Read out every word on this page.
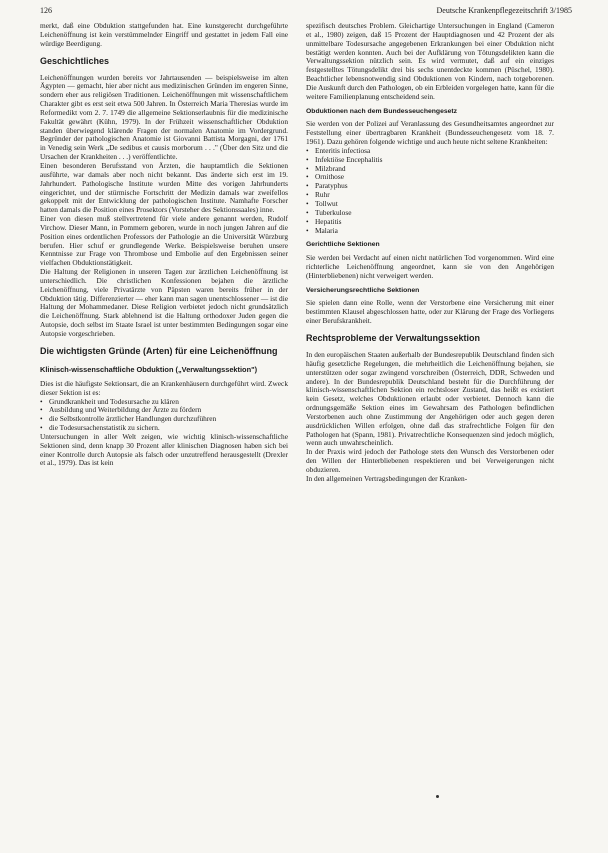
126	Deutsche Krankenpflegezeitschrift 3/1985

merkt, daß eine Obduktion stattgefunden hat. Eine kunstgerecht durchgeführte Leichenöffnung ist kein verstümmelnder Eingriff und gestattet in jedem Fall eine würdige Beerdigung.

Geschichtliches

Leichenöffnungen wurden bereits vor Jahrtausenden — beispielsweise im alten Ägypten — gemacht, hier aber nicht aus medizinischen Gründen im engeren Sinne, sondern eher aus religiösen Traditionen. Leichenöffnungen mit wissenschaftlichem Charakter gibt es erst seit etwa 500 Jahren. In Österreich Maria Theresias wurde im Reformedikt vom 2. 7. 1749 die allgemeine Sektionserlaubnis für die medizinische Fakultät gewährt (Kühn, 1979). In der Frühzeit wissenschaftlicher Obduktion standen überwiegend klärende Fragen der normalen Anatomie im Vordergrund. Begründer der pathologischen Anatomie ist Giovanni Battista Morgagni, der 1761 in Venedig sein Werk „De sedibus et causis morborum . . ." (Über den Sitz und die Ursachen der Krankheiten . . .) veröffentlichte.

Einen besonderen Berufsstand von Ärzten, die hauptamtlich die Sektionen ausführte, war damals aber noch nicht bekannt. Das änderte sich erst im 19. Jahrhundert. Pathologische Institute wurden Mitte des vorigen Jahrhunderts eingerichtet, und der stürmische Fortschritt der Medizin damals war zweifellos gekoppelt mit der Entwicklung der pathologischen Institute. Namhafte Forscher hatten damals die Position eines Prosektors (Vorsteher des Sektionssaales) inne.

Einer von diesen muß stellvertretend für viele andere genannt werden, Rudolf Virchow. Dieser Mann, in Pommern geboren, wurde in noch jungen Jahren auf die Position eines ordentlichen Professors der Pathologie an die Universität Würzburg berufen. Hier schuf er grundlegende Werke. Beispielsweise beruhen unsere Kenntnisse zur Frage von Thrombose und Embolie auf den Ergebnissen seiner vielfachen Obduktionstätigkeit.

Die Haltung der Religionen in unseren Tagen zur ärztlichen Leichenöffnung ist unterschiedlich. Die christlichen Konfessionen bejahen die ärztliche Leichenöffnung, viele Privatärzte von Päpsten waren bereits früher in der Obduktion tätig. Differenzierter — eher kann man sagen unentschlossener — ist die Haltung der Mohammedaner. Diese Religion verbietet jedoch nicht grundsätzlich die Leichenöffnung. Stark ablehnend ist die Haltung orthodoxer Juden gegen die Autopsie, doch selbst im Staate Israel ist unter bestimmten Bedingungen sogar eine Autopsie vorgeschrieben.

Die wichtigsten Gründe (Arten) für eine Leichenöffnung
Klinisch-wissenschaftliche Obduktion („Verwaltungssektion")

Dies ist die häufigste Sektionsart, die an Krankenhäusern durchgeführt wird. Zweck dieser Sektion ist es:

• Grundkrankheit und Todesursache zu klären
• Ausbildung und Weiterbildung der Ärzte zu fördern
• die Selbstkontrolle ärztlicher Handlungen durchzuführen
• die Todesursachenstatistik zu sichern.

Untersuchungen in aller Welt zeigen, wie wichtig klinisch-wissenschaftliche Sektionen sind, denn knapp 30 Prozent aller klinischen Diagnosen haben sich bei einer Kontrolle durch Autopsie als falsch oder unzutreffend herausgestellt (Drexler et al., 1979). Das ist kein

spezifisch deutsches Problem. Gleichartige Untersuchungen in England (Cameron et al., 1980) zeigen, daß 15 Prozent der Hauptdiagnosen und 42 Prozent der als unmittelbare Todesursache angegebenen Erkrankungen bei einer Obduktion nicht bestätigt werden konnten. Auch bei der Aufklärung von Tötungsdelikten kann die Verwaltungssektion nützlich sein. Es wird vermutet, daß auf ein einziges festgestelltes Tötungsdelikt drei bis sechs unentdeckte kommen (Püschel, 1980). Beachtlicher lebensnotwendig sind Obduktionen von Kindern, nach totgeborenen. Die Auskunft durch den Pathologen, ob ein Erbleiden vorgelegen hatte, kann für die weitere Familienplanung entscheidend sein.

Obduktionen nach dem Bundesseuchengesetz

Sie werden von der Polizei auf Veranlassung des Gesundheitsamtes angeordnet zur Feststellung einer übertragbaren Krankheit (Bundesseuchengesetz vom 18. 7. 1961). Dazu gehören folgende wichtige und auch heute nicht seltene Krankheiten:

• Enteritis infectiosa
• Infektiöse Encephalitis
• Milzbrand
• Ornithose
• Paratyphus
• Ruhr
• Tollwut
• Tuberkulose
• Hepatitis
• Malaria
Gerichtliche Sektionen

Sie werden bei Verdacht auf einen nicht natürlichen Tod vorgenommen. Wird eine richterliche Leichenöffnung angeordnet, kann sie von den Angehörigen (Hinterbliebenen) nicht verweigert werden.

Versicherungsrechtliche Sektionen

Sie spielen dann eine Rolle, wenn der Verstorbene eine Versicherung mit einer bestimmten Klausel abgeschlossen hatte, oder zur Klärung der Frage des Vorliegens einer Berufskrankheit.

Rechtsprobleme der Verwaltungssektion

In den europäischen Staaten außerhalb der Bundesrepublik Deutschland finden sich häufig gesetzliche Regelungen, die mehrheitlich die Leichenöffnung bejahen, sie unterstützen oder sogar zwingend vorschreiben (Österreich, DDR, Schweden und andere). In der Bundesrepublik Deutschland besteht für die Durchführung der klinisch-wissenschaftlichen Sektion ein rechtsloser Zustand, das heißt es existiert kein Gesetz, welches Obduktionen erlaubt oder verbietet. Dennoch kann die ordnungsgemäße Sektion eines im Gewahrsam des Pathologen befindlichen Verstorbenen auch ohne Zustimmung der Angehörigen oder auch gegen deren ausdrücklichen Willen erfolgen, ohne daß das strafrechtliche Folgen für den Pathologen hat (Spann, 1981). Privatrechtliche Konsequenzen sind jedoch möglich, wenn auch unwahrscheinlich.

In der Praxis wird jedoch der Pathologe stets den Wunsch des Verstorbenen oder den Willen der Hinterbliebenen respektieren und bei Verweigerungen nicht obduzieren.

In den allgemeinen Vertragsbedingungen der Kranken-
